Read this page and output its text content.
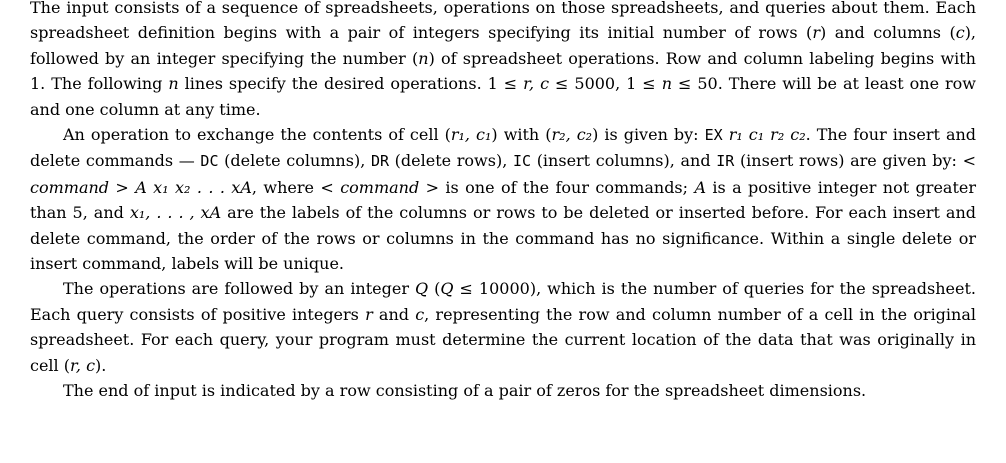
The input consists of a sequence of spreadsheets, operations on those spreadsheets, and queries about them. Each spreadsheet definition begins with a pair of integers specifying its initial number of rows (r) and columns (c), followed by an integer specifying the number (n) of spreadsheet operations. Row and column labeling begins with 1. The following n lines specify the desired operations. 1 ≤ r, c ≤ 5000, 1 ≤ n ≤ 50. There will be at least one row and one column at any time.

An operation to exchange the contents of cell (r₁, c₁) with (r₂, c₂) is given by: EX r₁ c₁ r₂ c₂. The four insert and delete commands — DC (delete columns), DR (delete rows), IC (insert columns), and IR (insert rows) are given by: < command > A x₁ x₂ . . . xA, where < command > is one of the four commands; A is a positive integer not greater than 5, and x₁, . . . , xA are the labels of the columns or rows to be deleted or inserted before. For each insert and delete command, the order of the rows or columns in the command has no significance. Within a single delete or insert command, labels will be unique.

The operations are followed by an integer Q (Q ≤ 10000), which is the number of queries for the spreadsheet. Each query consists of positive integers r and c, representing the row and column number of a cell in the original spreadsheet. For each query, your program must determine the current location of the data that was originally in cell (r, c).

The end of input is indicated by a row consisting of a pair of zeros for the spreadsheet dimensions.
